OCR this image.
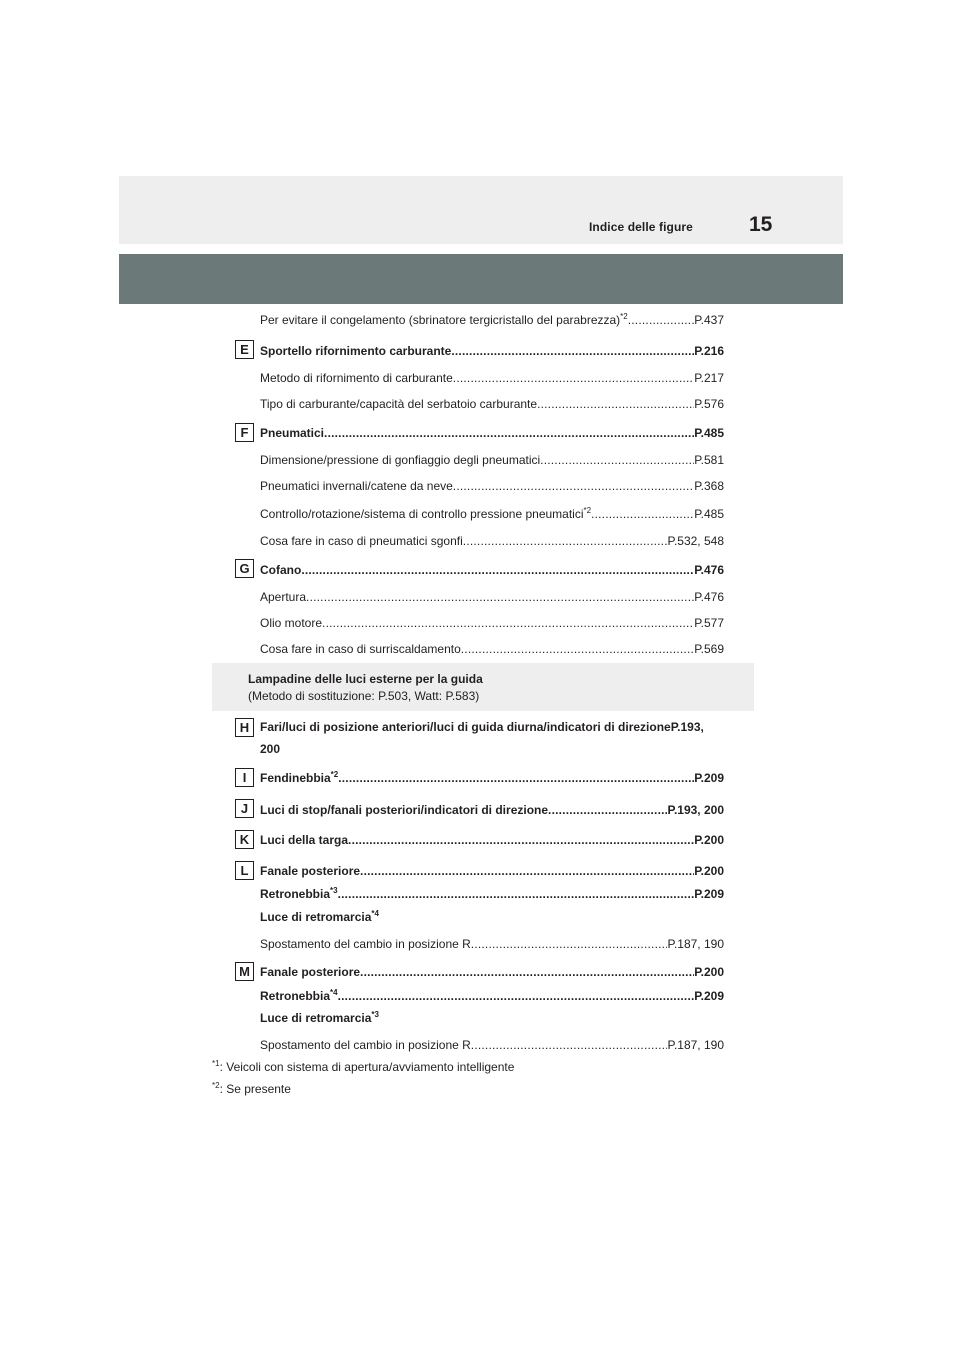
Indice delle figure	15
Per evitare il congelamento (sbrinatore tergicristallo del parabrezza)$^{*2}$ .....	P.437
E Sportello rifornimento carburante .....	P.216
Metodo di rifornimento di carburante .....	P.217
Tipo di carburante/capacità del serbatoio carburante .....	P.576
F Pneumatici .....	P.485
Dimensione/pressione di gonfiaggio degli pneumatici .....	P.581
Pneumatici invernali/catene da neve .....	P.368
Controllo/rotazione/sistema di controllo pressione pneumatici$^{*2}$ .....	P.485
Cosa fare in caso di pneumatici sgonfi .....	P.532, 548
G Cofano .....	P.476
Apertura .....	P.476
Olio motore .....	P.577
Cosa fare in caso di surriscaldamento .....	P.569
Lampadine delle luci esterne per la guida
(Metodo di sostituzione: P.503, Watt: P.583)
H Fari/luci di posizione anteriori/luci di guida diurna/indicatori di direzioneP.193, 200
I	Fendinebbia$^{*2}$ .....	P.209
J Luci di stop/fanali posteriori/indicatori di direzione .....	P.193, 200
K Luci della targa .....	P.200
L Fanale posteriore .....	P.200
Retronebbia$^{*3}$ .....	P.209
Luce di retromarcia$^{*4}$
Spostamento del cambio in posizione R .....	P.187, 190
M Fanale posteriore .....	P.200
Retronebbia$^{*4}$ .....	P.209
Luce di retromarcia$^{*3}$
Spostamento del cambio in posizione R .....	P.187, 190
$^{*1}$: Veicoli con sistema di apertura/avviamento intelligente
$^{*2}$: Se presente
